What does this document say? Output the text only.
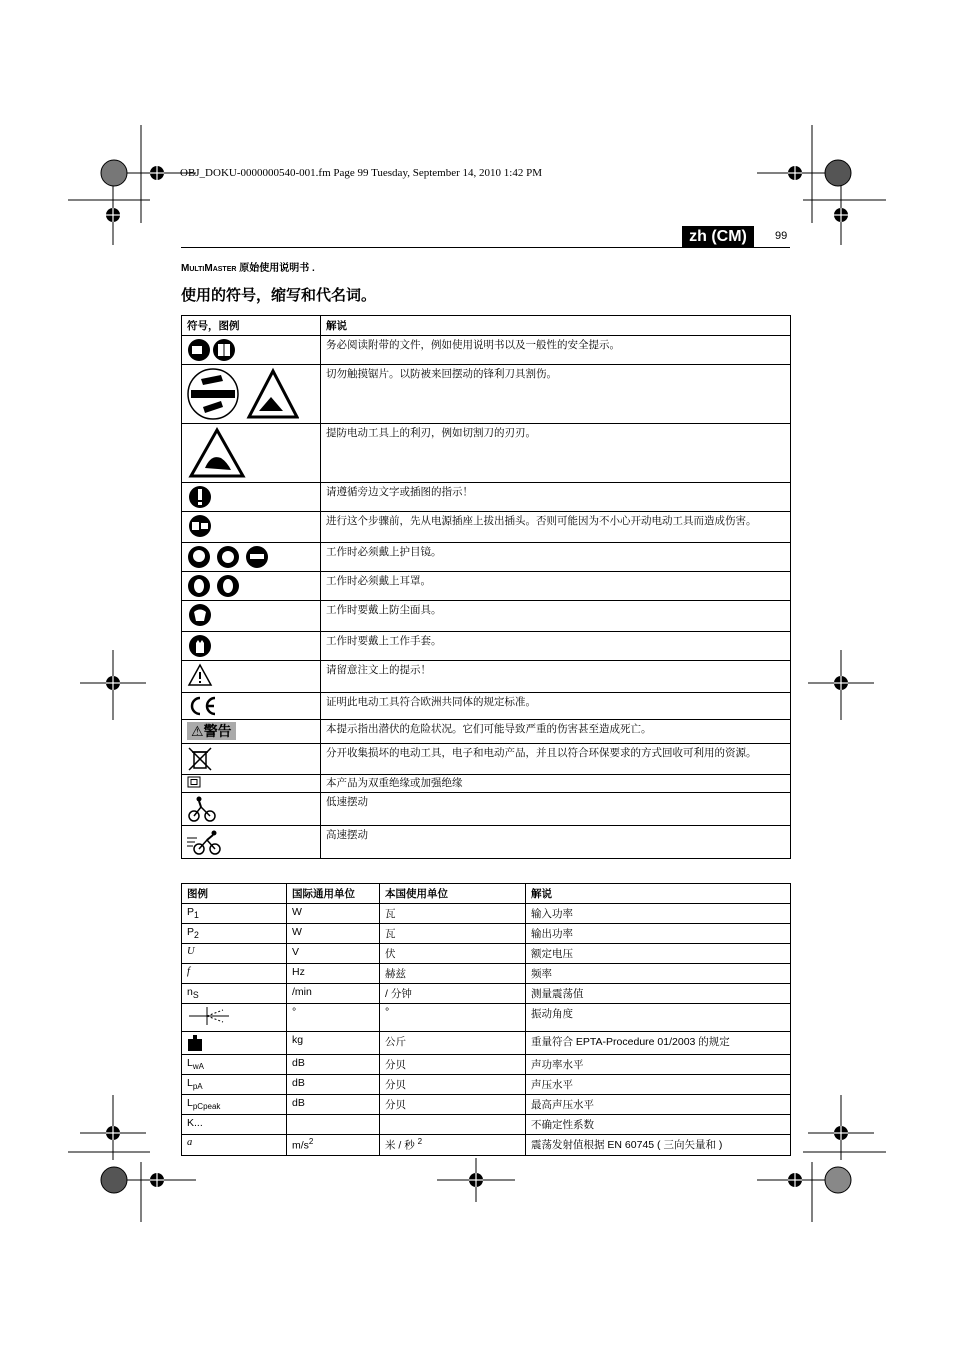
OBJ_DOKU-0000000540-001.fm Page 99 Tuesday, September 14, 2010 1:42 PM
zh (CM)	99
MultiMaster 原始使用说明书 .
使用的符号，缩写和代名词。
符号，图例	解说
	务必阅读附带的文件，例如使用说明书以及一般性的安全提示。
	切勿触摸锯片。以防被来回摆动的锋利刀具割伤。
	提防电动工具上的利刃，例如切割刀的刃刃。
	请遵循旁边文字或插图的指示！
	进行这个步骤前，先从电源插座上拔出插头。否则可能因为不小心开动电动工具而造成伤害。
	工作时必须戴上护目镜。
	工作时必须戴上耳罩。
	工作时要戴上防尘面具。
	工作时要戴上工作手套。
	请留意注文上的提示！
	证明此电动工具符合欧洲共同体的规定标准。
⚠警告	本提示指出潜伏的危险状况。它们可能导致严重的伤害甚至造成死亡。
	分开收集损坏的电动工具，电子和电动产品，并且以符合环保要求的方式回收可利用的资源。
	本产品为双重绝缘或加强绝缘
	低速摆动
	高速摆动
图例	国际通用单位	本国使用单位	解说
$P_1$	W	瓦	输入功率
$P_2$	W	瓦	输出功率
U	V	伏	额定电压
f	Hz	赫兹	频率
$n_S$	/min	/ 分钟	测量震荡值
	°	°	振动角度
	kg	公斤	重量符合 EPTA-Procedure 01/2003 的规定
$L_{wA}$	dB	分贝	声功率水平
$L_{pA}$	dB	分贝	声压水平
$L_{pCpeak}$	dB	分贝	最高声压水平
K...			不确定性系数
a	$m/s^2$	米 / 秒 $^2$	震荡发射值根据 EN 60745 ( 三向矢量和 )
